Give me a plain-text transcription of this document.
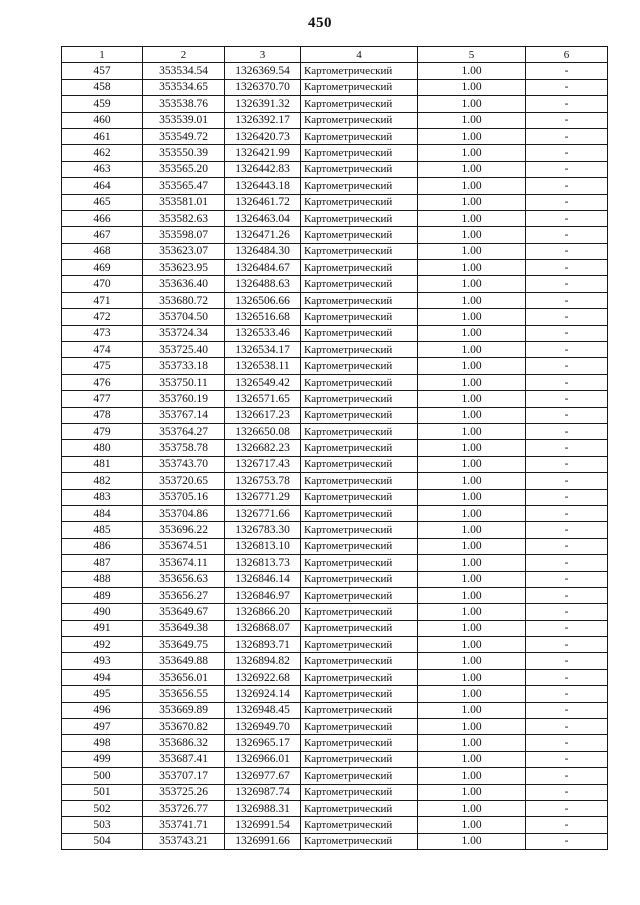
450
1	2	3	4	5	6
457	353534.54	1326369.54	Картометрический	1.00	-
458	353534.65	1326370.70	Картометрический	1.00	-
459	353538.76	1326391.32	Картометрический	1.00	-
460	353539.01	1326392.17	Картометрический	1.00	-
461	353549.72	1326420.73	Картометрический	1.00	-
462	353550.39	1326421.99	Картометрический	1.00	-
463	353565.20	1326442.83	Картометрический	1.00	-
464	353565.47	1326443.18	Картометрический	1.00	-
465	353581.01	1326461.72	Картометрический	1.00	-
466	353582.63	1326463.04	Картометрический	1.00	-
467	353598.07	1326471.26	Картометрический	1.00	-
468	353623.07	1326484.30	Картометрический	1.00	-
469	353623.95	1326484.67	Картометрический	1.00	-
470	353636.40	1326488.63	Картометрический	1.00	-
471	353680.72	1326506.66	Картометрический	1.00	-
472	353704.50	1326516.68	Картометрический	1.00	-
473	353724.34	1326533.46	Картометрический	1.00	-
474	353725.40	1326534.17	Картометрический	1.00	-
475	353733.18	1326538.11	Картометрический	1.00	-
476	353750.11	1326549.42	Картометрический	1.00	-
477	353760.19	1326571.65	Картометрический	1.00	-
478	353767.14	1326617.23	Картометрический	1.00	-
479	353764.27	1326650.08	Картометрический	1.00	-
480	353758.78	1326682.23	Картометрический	1.00	-
481	353743.70	1326717.43	Картометрический	1.00	-
482	353720.65	1326753.78	Картометрический	1.00	-
483	353705.16	1326771.29	Картометрический	1.00	-
484	353704.86	1326771.66	Картометрический	1.00	-
485	353696.22	1326783.30	Картометрический	1.00	-
486	353674.51	1326813.10	Картометрический	1.00	-
487	353674.11	1326813.73	Картометрический	1.00	-
488	353656.63	1326846.14	Картометрический	1.00	-
489	353656.27	1326846.97	Картометрический	1.00	-
490	353649.67	1326866.20	Картометрический	1.00	-
491	353649.38	1326868.07	Картометрический	1.00	-
492	353649.75	1326893.71	Картометрический	1.00	-
493	353649.88	1326894.82	Картометрический	1.00	-
494	353656.01	1326922.68	Картометрический	1.00	-
495	353656.55	1326924.14	Картометрический	1.00	-
496	353669.89	1326948.45	Картометрический	1.00	-
497	353670.82	1326949.70	Картометрический	1.00	-
498	353686.32	1326965.17	Картометрический	1.00	-
499	353687.41	1326966.01	Картометрический	1.00	-
500	353707.17	1326977.67	Картометрический	1.00	-
501	353725.26	1326987.74	Картометрический	1.00	-
502	353726.77	1326988.31	Картометрический	1.00	-
503	353741.71	1326991.54	Картометрический	1.00	-
504	353743.21	1326991.66	Картометрический	1.00	-
